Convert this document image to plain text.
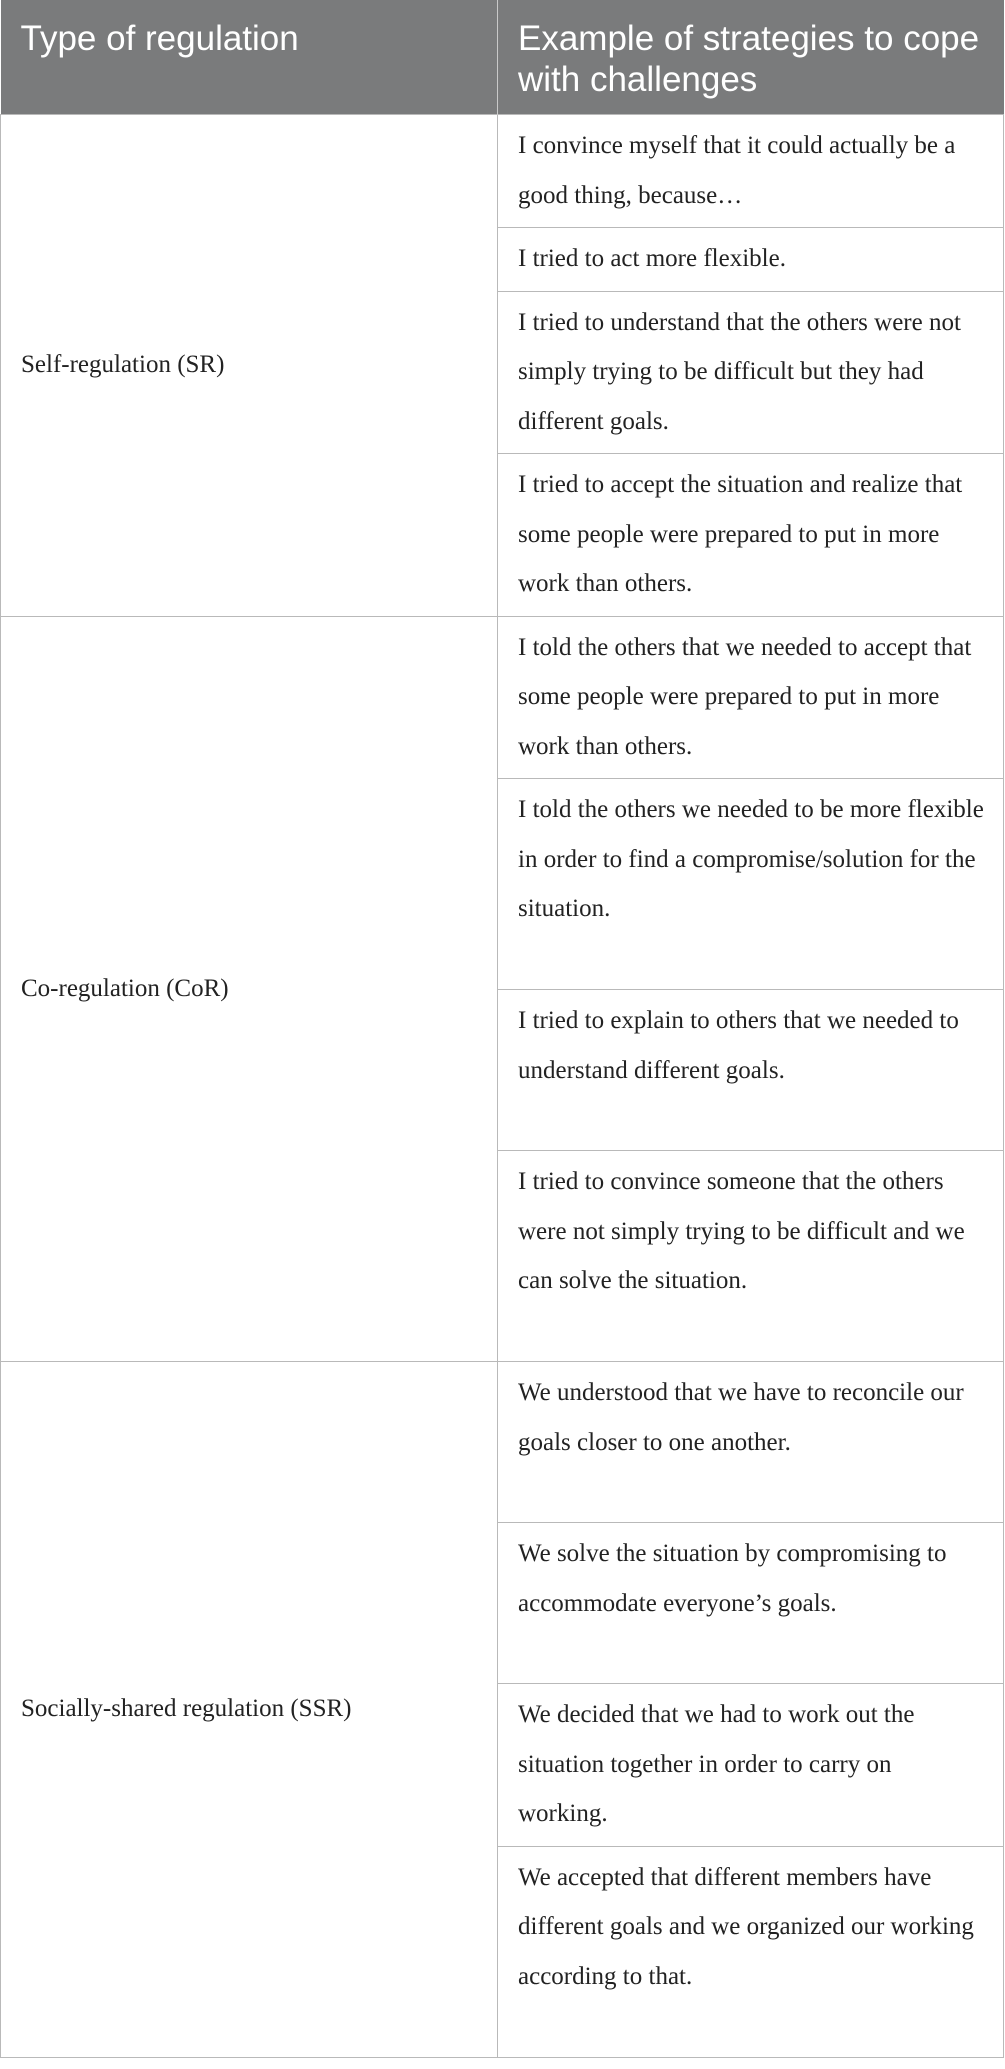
Type of regulation	Example of strategies to cope with challenges
Self-regulation (SR)	I convince myself that it could actually be a good thing, because…
	I tried to act more flexible.
	I tried to understand that the others were not simply trying to be difficult but they had different goals.
	I tried to accept the situation and realize that some people were prepared to put in more work than others.
Co-regulation (CoR)	I told the others that we needed to accept that some people were prepared to put in more work than others.
	I told the others we needed to be more flexible in order to find a compromise/solution for the situation.
	I tried to explain to others that we needed to understand different goals.
	I tried to convince someone that the others were not simply trying to be difficult and we can solve the situation.
Socially-shared regulation (SSR)	We understood that we have to reconcile our goals closer to one another.
	We solve the situation by compromising to accommodate everyone’s goals.
	We decided that we had to work out the situation together in order to carry on working.
	We accepted that different members have different goals and we organized our working according to that.
